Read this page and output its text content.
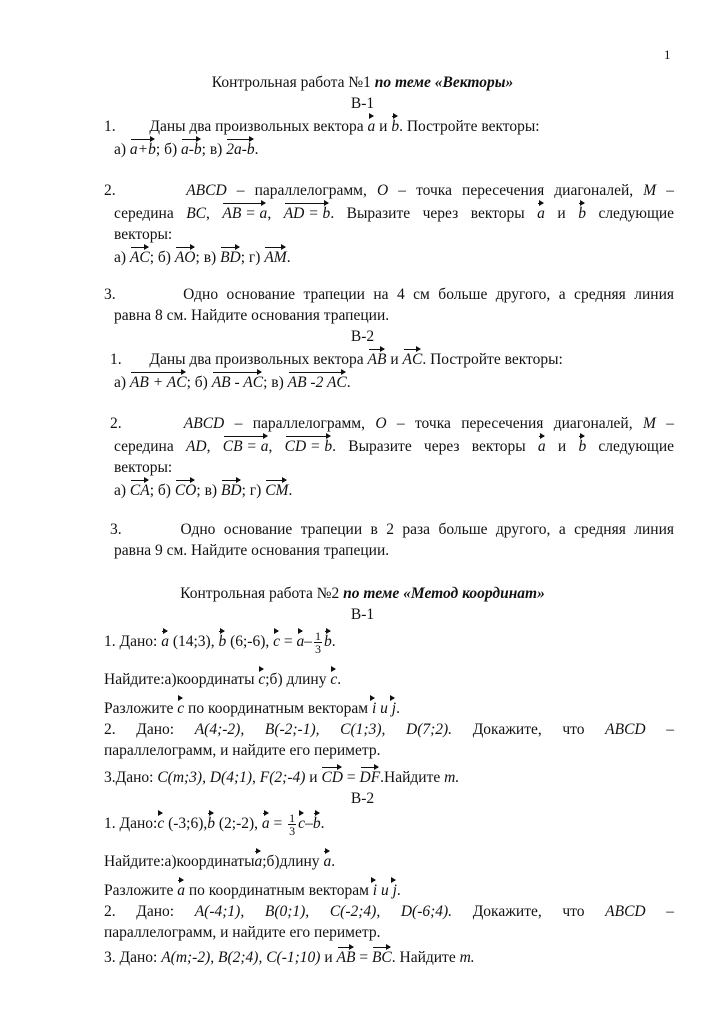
1
Контрольная работа №1 по теме «Векторы»
В-1
1. Даны два произвольных вектора a и b. Постройте векторы:
а) a+b; б) a-b; в) 2a-b.
2.	ABCD – параллелограмм, O – точка пересечения диагоналей, M –
середина BC, AB = a, AD = b. Выразите через векторы a и b следующие
векторы:
а) AC; б) AO; в) BD; г) AM.
3.	Одно основание трапеции на 4 см больше другого, а средняя линия
равна 8 см. Найдите основания трапеции.
В-2
1. Даны два произвольных вектора AB и AC. Постройте векторы:
а) AB + AC; б) AB - AC; в) AB -2 AC.
2.	ABCD – параллелограмм, O – точка пересечения диагоналей, M –
середина AD, CB = a, CD = b. Выразите через векторы a и b следующие
векторы:
а) CA; б) CO; в) BD; г) CM.
3.	Одно основание трапеции в 2 раза больше другого, а средняя линия
равна 9 см. Найдите основания трапеции.
Контрольная работа №2 по теме «Метод координат»
В-1
1. Дано: a (14;3), b (6;-6), $c = a- \frac{1}{3} b$.
Найдите:а)координаты c;б) длину c.
Разложите c по координатным векторам i и j.
2. Дано: A(4;-2), B(-2;-1), C(1;3), D(7;2). Докажите, что ABCD –
параллелограмм, и найдите его периметр.
3.Дано: C(m;3), D(4;1), F(2;-4) и CD = DF.Найдите m.
В-2
1. Дано:c (-3;6),b (2;-2), $a = \frac{1}{3} c-b$.
Найдите:а)координатыa;б)длину a.
Разложите a по координатным векторам i и j.
2. Дано: A(-4;1), B(0;1), C(-2;4), D(-6;4). Докажите, что ABCD –
параллелограмм, и найдите его периметр.
3. Дано: A(m;-2), B(2;4), C(-1;10) и AB = BC. Найдите m.
